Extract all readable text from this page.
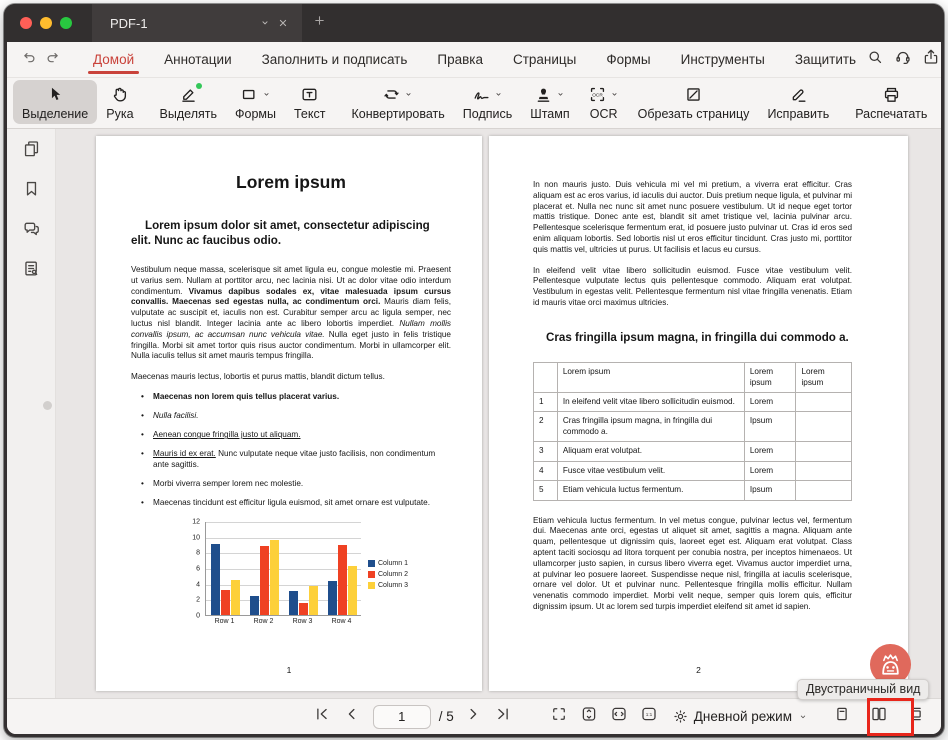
PDF-1
Домой Аннотации Заполнить и подписать Правка Страницы Формы Инструменты Защитить
Выделение Рука Выделять Формы Текст Конвертировать Подпись Штамп
OCR
OCR Обрезать страницу Исправить Распечатать
Lorem ipsum
Lorem ipsum dolor sit amet, consectetur adipiscing elit. Nunc ac faucibus odio.
Vestibulum neque massa, scelerisque sit amet ligula eu, congue molestie mi. Praesent ut varius sem. Nullam at porttitor arcu, nec lacinia nisi. Ut ac dolor vitae odio interdum condimentum. Vivamus dapibus sodales ex, vitae malesuada ipsum cursus convallis. Maecenas sed egestas nulla, ac condimentum orci. Mauris diam felis, vulputate ac suscipit et, iaculis non est. Curabitur semper arcu ac ligula semper, nec luctus nisl blandit. Integer lacinia ante ac libero lobortis imperdiet. Nullam mollis convallis ipsum, ac accumsan nunc vehicula vitae. Nulla eget justo in felis tristique fringilla. Morbi sit amet tortor quis risus auctor condimentum. Morbi in ullamcorper elit. Nulla iaculis tellus sit amet mauris tempus fringilla.
Maecenas mauris lectus, lobortis et purus mattis, blandit dictum tellus.
• Maecenas non lorem quis tellus placerat varius.
• Nulla facilisi.
• Aenean congue fringilla justo ut aliquam.
• Mauris id ex erat. Nunc vulputate neque vitae justo facilisis, non condimentum ante sagittis.
• Morbi viverra semper lorem nec molestie.
• Maecenas tincidunt est efficitur ligula euismod, sit amet ornare est vulputate.
0
2
4
6
8
10
12
Row 1	Row 2	Row 3	Row 4
Column 1
Column 2
Column 3
1
In non mauris justo. Duis vehicula mi vel mi pretium, a viverra erat efficitur. Cras aliquam est ac eros varius, id iaculis dui auctor. Duis pretium neque ligula, et pulvinar mi placerat et. Nulla nec nunc sit amet nunc posuere vestibulum. Ut id neque eget tortor mattis tristique. Donec ante est, blandit sit amet tristique vel, lacinia pulvinar arcu. Pellentesque scelerisque fermentum erat, id posuere justo pulvinar ut. Cras id eros sed enim aliquam lobortis. Sed lobortis nisl ut eros efficitur tincidunt. Cras justo mi, porttitor quis mattis vel, ultricies ut purus. Ut facilisis et lacus eu cursus.
In eleifend velit vitae libero sollicitudin euismod. Fusce vitae vestibulum velit. Pellentesque vulputate lectus quis pellentesque commodo. Aliquam erat volutpat. Vestibulum in egestas velit. Pellentesque fermentum nisl vitae fringilla venenatis. Etiam id mauris vitae orci maximus ultricies.
Cras fringilla ipsum magna, in fringilla dui commodo a.
	Lorem ipsum	Lorem ipsum	Lorem ipsum
1	In eleifend velit vitae libero sollicitudin euismod.	Lorem	
2	Cras fringilla ipsum magna, in fringilla dui commodo a.	Ipsum	
3	Aliquam erat volutpat.	Lorem	
4	Fusce vitae vestibulum velit.	Lorem	
5	Etiam vehicula luctus fermentum.	Ipsum	
Etiam vehicula luctus fermentum. In vel metus congue, pulvinar lectus vel, fermentum dui. Maecenas ante orci, egestas ut aliquet sit amet, sagittis a magna. Aliquam ante quam, pellentesque ut dignissim quis, laoreet eget est. Aliquam erat volutpat. Class aptent taciti sociosqu ad litora torquent per conubia nostra, per inceptos himenaeos. Ut ullamcorper justo sapien, in cursus libero viverra eget. Vivamus auctor imperdiet urna, at pulvinar leo posuere laoreet. Suspendisse neque nisl, fringilla at iaculis scelerisque, ornare vel dolor. Ut et pulvinar nunc. Pellentesque fringilla mollis efficitur. Nullam venenatis commodo imperdiet. Morbi velit neque, semper quis lorem quis, efficitur dignissim ipsum. Ut ac lorem sed turpis imperdiet eleifend sit amet id sapien.
2
1	/ 5	1:1	Дневной режим
Двустраничный вид
